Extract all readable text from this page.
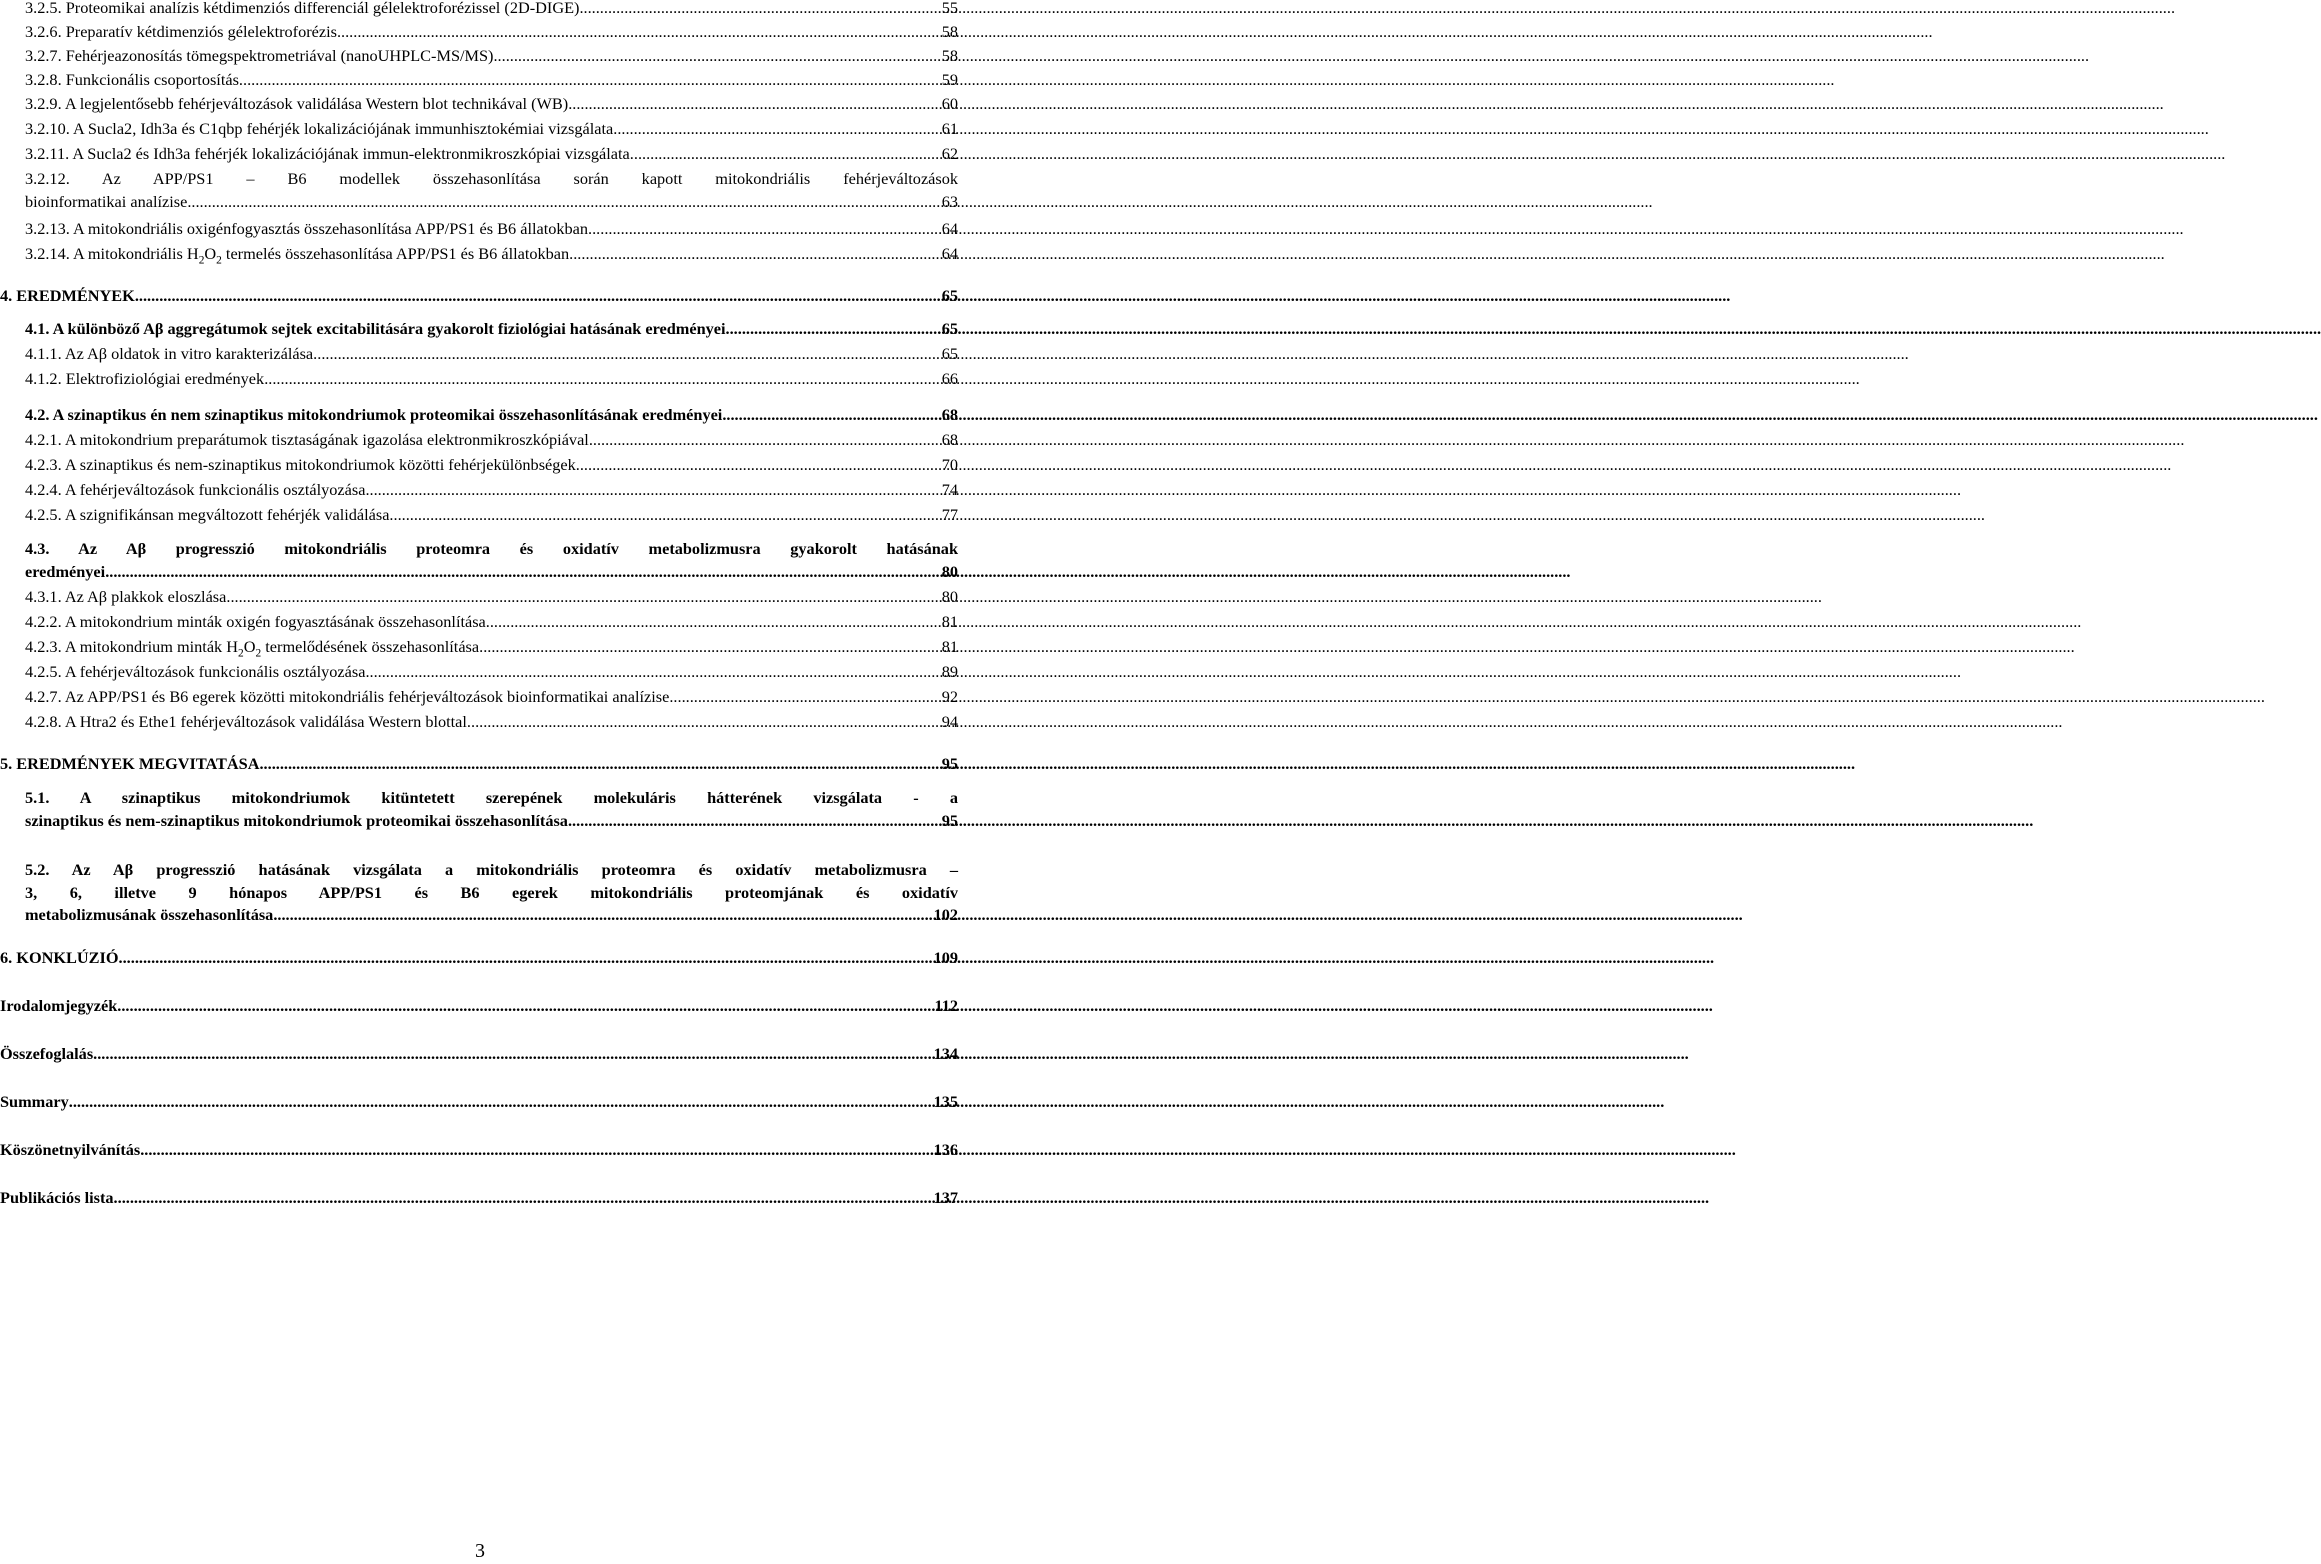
3.2.5. Proteomikai analízis kétdimenziós differenciál gélelektroforézissel (2D-DIGE) .....	55
3.2.6. Preparatív kétdimenziós gélelektroforézis .....	58
3.2.7. Fehérjeazonosítás tömegspektrometriával (nanoUHPLC-MS/MS) .....	58
3.2.8. Funkcionális csoportosítás .....	59
3.2.9. A legjelentősebb fehérjeváltozások validálása Western blot technikával (WB) .....	60
3.2.10. A Sucla2, Idh3a és C1qbp fehérjék lokalizációjának immunhisztokémiai vizsgálata .....	61
3.2.11. A Sucla2 és Idh3a fehérjék lokalizációjának immun-elektronmikroszkópiai vizsgálata .....	62
3.2.12. Az APP/PS1 – B6 modellek összehasonlítása során kapott mitokondriális fehérjeváltozások
bioinformatikai analízise .....	63
3.2.13. A mitokondriális oxigénfogyasztás összehasonlítása APP/PS1 és B6 állatokban .....	64
3.2.14. A mitokondriális $H_2O_2$ termelés összehasonlítása APP/PS1 és B6 állatokban .....	64
4. EREDMÉNYEK .....	65
4.1. A különböző Aβ aggregátumok sejtek excitabilitására gyakorolt fiziológiai hatásának eredményei .....	65
4.1.1. Az Aβ oldatok in vitro karakterizálása .....	65
4.1.2. Elektrofiziológiai eredmények .....	66
4.2. A szinaptikus én nem szinaptikus mitokondriumok proteomikai összehasonlításának eredményei .....	68
4.2.1. A mitokondrium preparátumok tisztaságának igazolása elektronmikroszkópiával .....	68
4.2.3. A szinaptikus és nem-szinaptikus mitokondriumok közötti fehérjekülönbségek .....	70
4.2.4. A fehérjeváltozások funkcionális osztályozása .....	74
4.2.5. A szignifikánsan megváltozott fehérjék validálása .....	77
4.3. Az Aβ progresszió mitokondriális proteomra és oxidatív metabolizmusra gyakorolt hatásának
eredményei .....	80
4.3.1. Az Aβ plakkok eloszlása .....	80
4.2.2. A mitokondrium minták oxigén fogyasztásának összehasonlítása .....	81
4.2.3. A mitokondrium minták $H_2O_2$ termelődésének összehasonlítása .....	81
4.2.5. A fehérjeváltozások funkcionális osztályozása .....	89
4.2.7. Az APP/PS1 és B6 egerek közötti mitokondriális fehérjeváltozások bioinformatikai analízise .....	92
4.2.8. A Htra2 és Ethe1 fehérjeváltozások validálása Western blottal .....	94
5. EREDMÉNYEK MEGVITATÁSA .....	95
5.1. A szinaptikus mitokondriumok kitüntetett szerepének molekuláris hátterének vizsgálata - a
szinaptikus és nem-szinaptikus mitokondriumok proteomikai összehasonlítása .....	95
5.2. Az Aβ progresszió hatásának vizsgálata a mitokondriális proteomra és oxidatív metabolizmusra –
3, 6, illetve 9 hónapos APP/PS1 és B6 egerek mitokondriális proteomjának és oxidatív
metabolizmusának összehasonlítása. .....	102
6. KONKLÚZIÓ .....	109
Irodalomjegyzék .....	112
Összefoglalás .....	134
Summary .....	135
Köszönetnyilvánítás .....	136
Publikációs lista .....	137
3
